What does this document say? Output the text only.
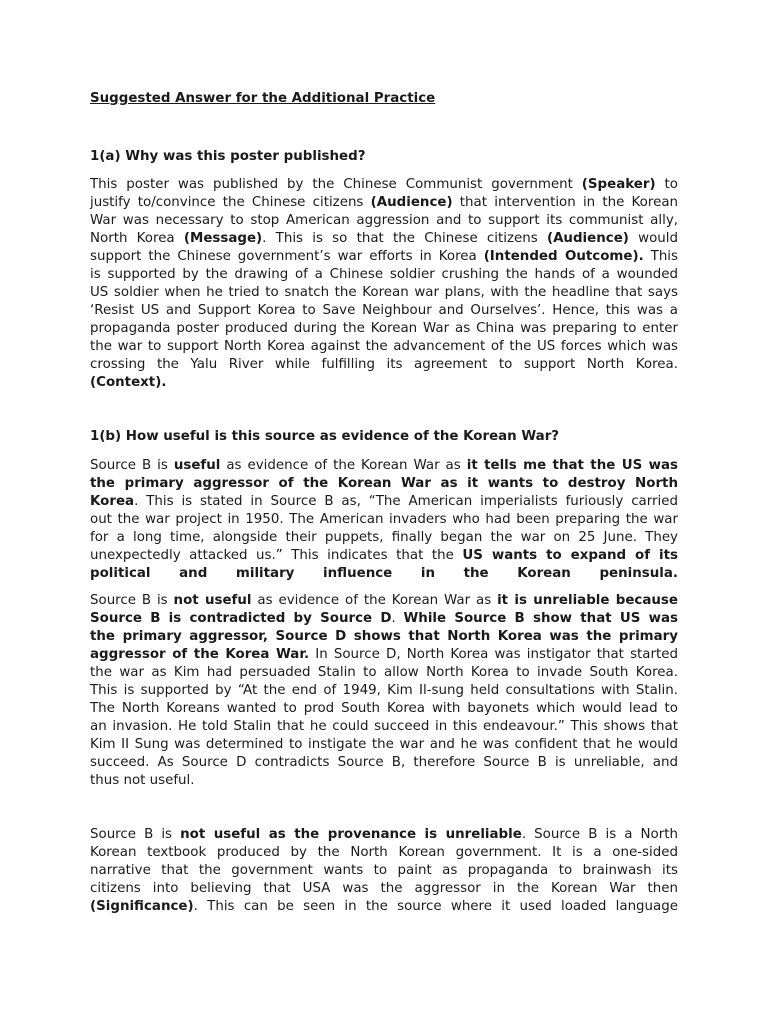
Suggested Answer for the Additional Practice
1(a) Why was this poster published?
This poster was published by the Chinese Communist government (Speaker) to
justify to/convince the Chinese citizens (Audience) that intervention in the Korean
War was necessary to stop American aggression and to support its communist ally,
North Korea (Message). This is so that the Chinese citizens (Audience) would
support the Chinese government’s war efforts in Korea (Intended Outcome). This
is supported by the drawing of a Chinese soldier crushing the hands of a wounded
US soldier when he tried to snatch the Korean war plans, with the headline that says
‘Resist US and Support Korea to Save Neighbour and Ourselves’. Hence, this was a
propaganda poster produced during the Korean War as China was preparing to enter
the war to support North Korea against the advancement of the US forces which was
crossing the Yalu River while fulfilling its agreement to support North Korea.
(Context).
1(b) How useful is this source as evidence of the Korean War?
Source B is useful as evidence of the Korean War as it tells me that the US was
the primary aggressor of the Korean War as it wants to destroy North
Korea. This is stated in Source B as, “The American imperialists furiously carried
out the war project in 1950. The American invaders who had been preparing the war
for a long time, alongside their puppets, finally began the war on 25 June. They
unexpectedly attacked us.” This indicates that the US wants to expand of its
political and military influence in the Korean peninsula.
Source B is not useful as evidence of the Korean War as it is unreliable because
Source B is contradicted by Source D. While Source B show that US was
the primary aggressor, Source D shows that North Korea was the primary
aggressor of the Korea War. In Source D, North Korea was instigator that started
the war as Kim had persuaded Stalin to allow North Korea to invade South Korea.
This is supported by “At the end of 1949, Kim Il-sung held consultations with Stalin.
The North Koreans wanted to prod South Korea with bayonets which would lead to
an invasion. He told Stalin that he could succeed in this endeavour.” This shows that
Kim II Sung was determined to instigate the war and he was confident that he would
succeed. As Source D contradicts Source B, therefore Source B is unreliable, and
thus not useful.
Source B is not useful as the provenance is unreliable. Source B is a North
Korean textbook produced by the North Korean government. It is a one-sided
narrative that the government wants to paint as propaganda to brainwash its
citizens into believing that USA was the aggressor in the Korean War then
(Significance). This can be seen in the source where it used loaded language
